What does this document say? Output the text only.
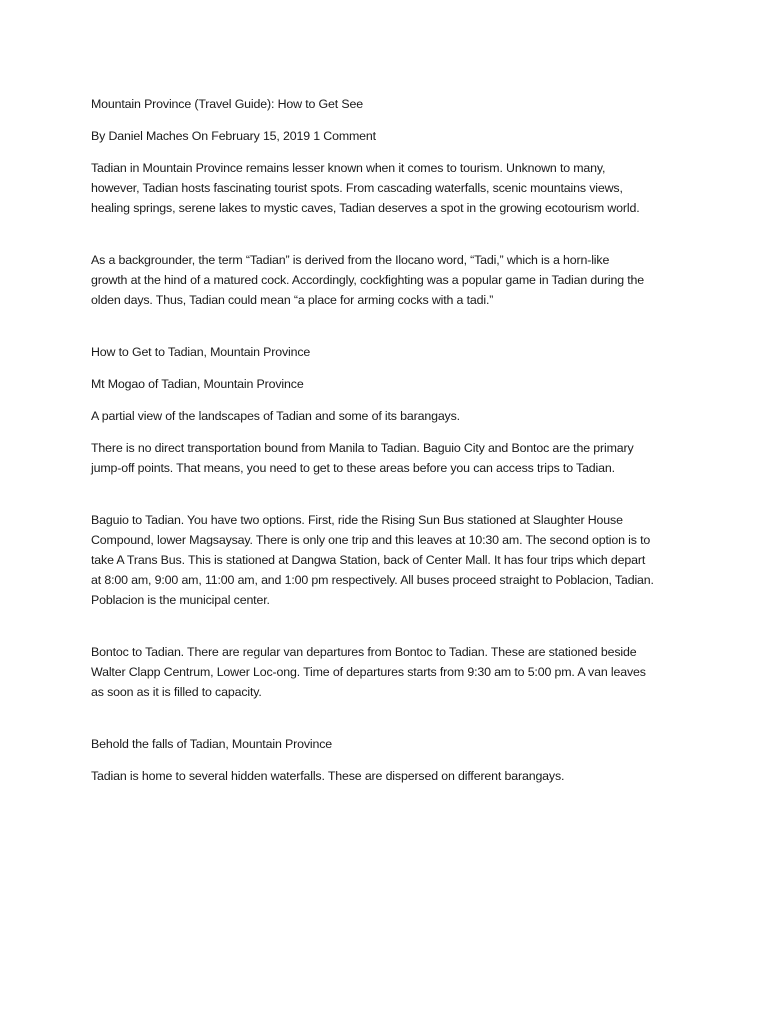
Mountain Province (Travel Guide): How to Get See

By Daniel Maches On February 15, 2019 1 Comment

Tadian in Mountain Province remains lesser known when it comes to tourism. Unknown to many,
however, Tadian hosts fascinating tourist spots. From cascading waterfalls, scenic mountains views,
healing springs, serene lakes to mystic caves, Tadian deserves a spot in the growing ecotourism world.

As a backgrounder, the term “Tadian” is derived from the Ilocano word, “Tadi,” which is a horn-like
growth at the hind of a matured cock. Accordingly, cockfighting was a popular game in Tadian during the
olden days. Thus, Tadian could mean “a place for arming cocks with a tadi.”

How to Get to Tadian, Mountain Province

Mt Mogao of Tadian, Mountain Province

A partial view of the landscapes of Tadian and some of its barangays.

There is no direct transportation bound from Manila to Tadian. Baguio City and Bontoc are the primary
jump-off points. That means, you need to get to these areas before you can access trips to Tadian.

Baguio to Tadian. You have two options. First, ride the Rising Sun Bus stationed at Slaughter House
Compound, lower Magsaysay. There is only one trip and this leaves at 10:30 am. The second option is to
take A Trans Bus. This is stationed at Dangwa Station, back of Center Mall. It has four trips which depart
at 8:00 am, 9:00 am, 11:00 am, and 1:00 pm respectively. All buses proceed straight to Poblacion, Tadian.
Poblacion is the municipal center.

Bontoc to Tadian. There are regular van departures from Bontoc to Tadian. These are stationed beside
Walter Clapp Centrum, Lower Loc-ong. Time of departures starts from 9:30 am to 5:00 pm. A van leaves
as soon as it is filled to capacity.

Behold the falls of Tadian, Mountain Province

Tadian is home to several hidden waterfalls. These are dispersed on different barangays.
